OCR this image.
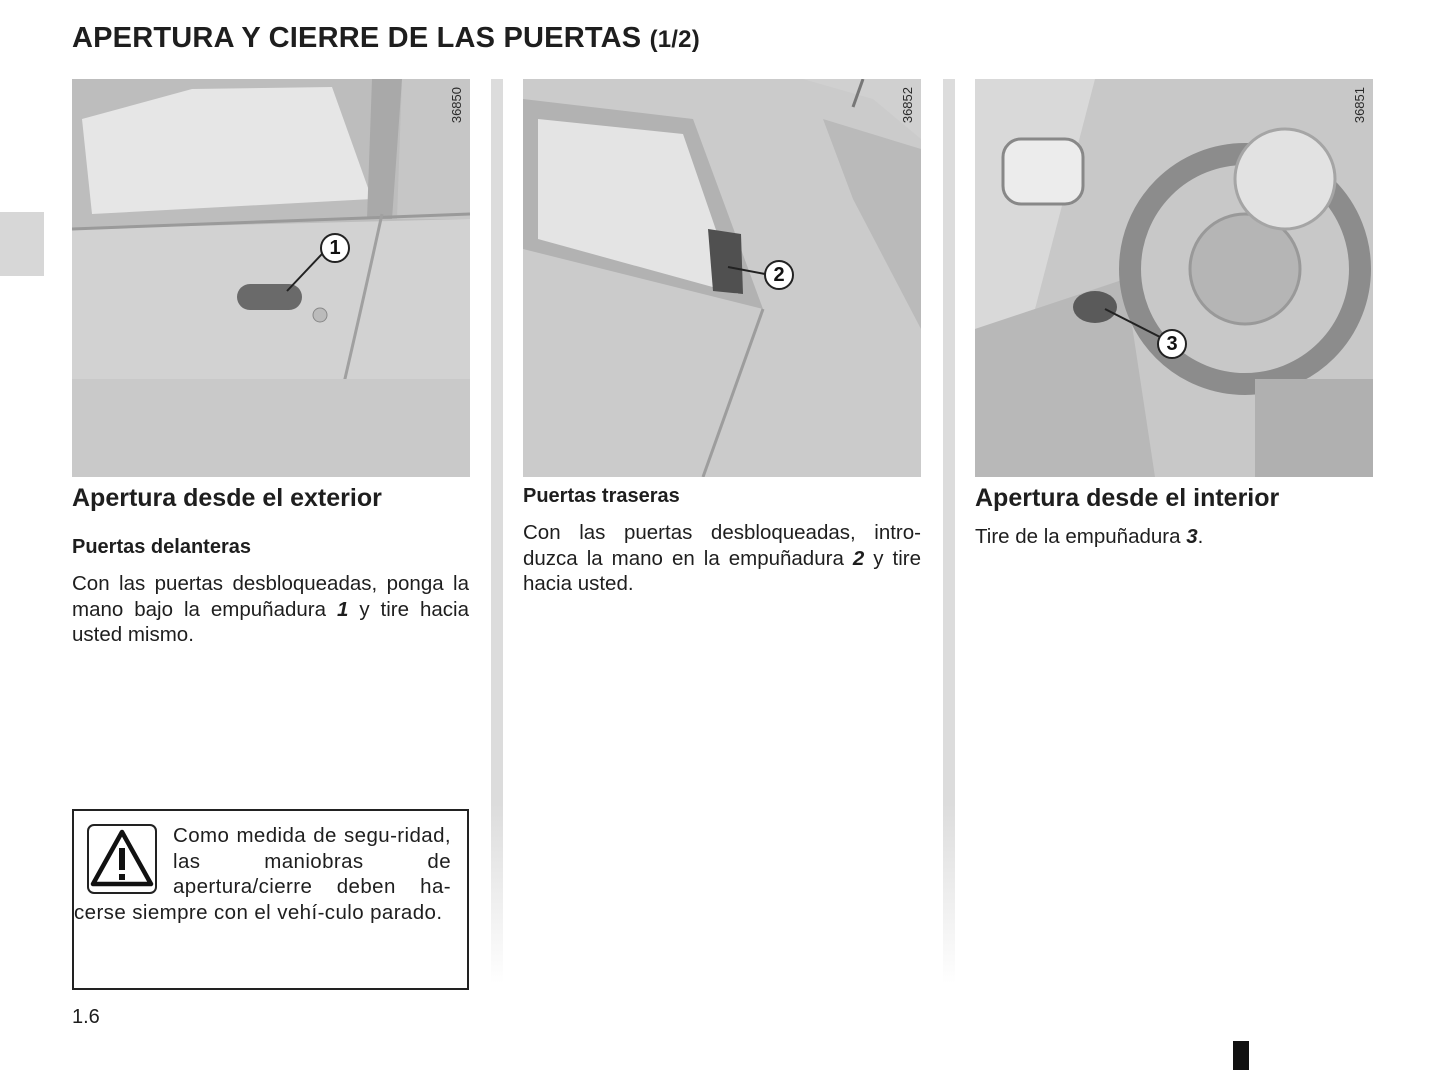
APERTURA Y CIERRE DE LAS PUERTAS (1/2)
36850
1
36852
2
36851
3
Apertura desde el exterior
Puertas delanteras

Con las puertas desbloqueadas, ponga la mano bajo la empuñadura 1 y tire hacia usted mismo.

Puertas traseras

Con las puertas desbloqueadas, intro-duzca la mano en la empuñadura 2 y tire hacia usted.

Apertura desde el interior

Tire de la empuñadura 3.

Como medida de segu-ridad, las maniobras de apertura/cierre deben ha-cerse siempre con el vehí-culo parado.
1.6
